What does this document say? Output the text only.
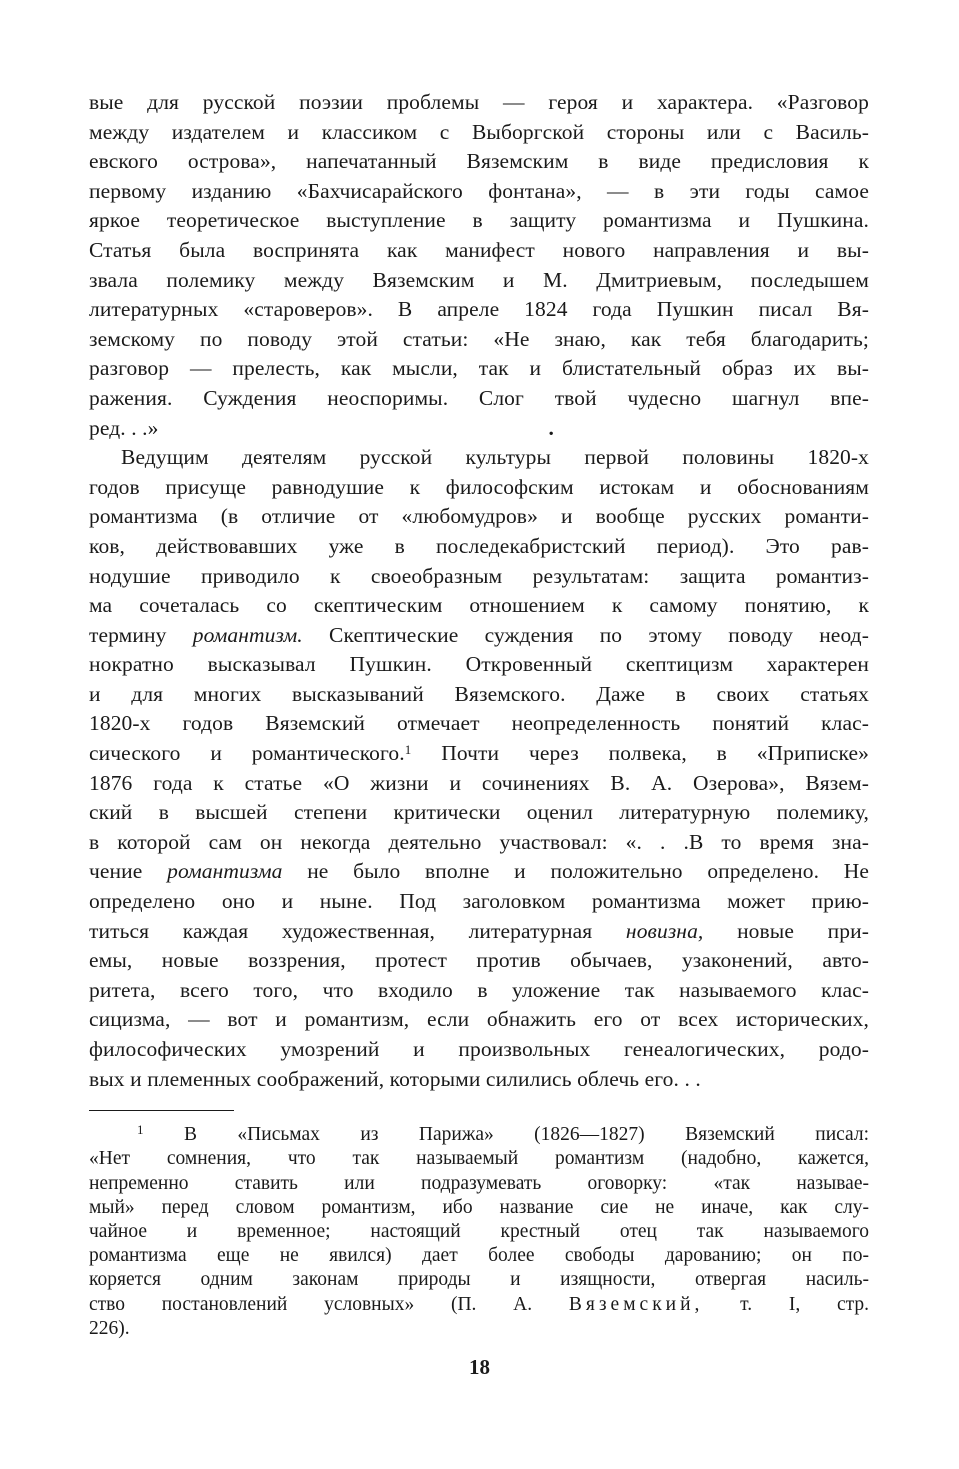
вые для русской поэзии проблемы — героя и характера. «Разговор

между издателем и классиком с Выборгской стороны или с Василь-

евского острова», напечатанный Вяземским в виде предисловия к

первому изданию «Бахчисарайского фонтана», — в эти годы самое

яркое теоретическое выступление в защиту романтизма и Пушкина.

Статья была воспринята как манифест нового направления и вы-

звала полемику между Вяземским и М. Дмитриевым, последышем

литературных «староверов». В апреле 1824 года Пушкин писал Вя-

земскому по поводу этой статьи: «Не знаю, как тебя благодарить;

разговор — прелесть, как мысли, так и блистательный образ их вы-

ражения. Суждения неоспоримы. Слог твой чудесно шагнул впе-

ред. . .»	.

Ведущим деятелям русской культуры первой половины 1820-х

годов присуще равнодушие к философским истокам и обоснованиям

романтизма (в отличие от «любомудров» и вообще русских романти-

ков, действовавших уже в последекабристский период). Это рав-

нодушие приводило к своеобразным результатам: защита романтиз-

ма сочеталась со скептическим отношением к самому понятию, к

термину романтизм. Скептические суждения по этому поводу неод-

нократно высказывал Пушкин. Откровенный скептицизм характерен

и для многих высказываний Вяземского. Даже в своих статьях

1820-х годов Вяземский отмечает неопределенность понятий клас-

сического и романтического.$^1$ Почти через полвека, в «Приписке»

1876 года к статье «О жизни и сочинениях В. А. Озерова», Вязем-

ский в высшей степени критически оценил литературную полемику,

в которой сам он некогда деятельно участвовал: «. . .В то время зна-

чение романтизма не было вполне и положительно определено. Не

определено оно и ныне. Под заголовком романтизма может прию-

титься каждая художественная, литературная новизна, новые при-

емы, новые воззрения, протест против обычаев, узаконений, авто-

ритета, всего того, что входило в уложение так называемого клас-

сицизма, — вот и романтизм, если обнажить его от всех исторических,

философических умозрений и произвольных генеалогических, родо-

вых и племенных соображений, которыми силились облечь его. . .

$^1$ В «Письмах из Парижа» (1826—1827) Вяземский писал:

«Нет сомнения, что так называемый романтизм (надобно, кажется,

непременно ставить или подразумевать оговорку: «так называе-

мый» перед словом романтизм, ибо название сие не иначе, как слу-

чайное и временное; настоящий крестный отец так называемого

романтизма еще не явился) дает более свободы дарованию; он по-

коряется одним законам природы и изящности, отвергая насиль-

ство постановлений условных» (П. А. Вяземский, т. I, стр.

226).

18
